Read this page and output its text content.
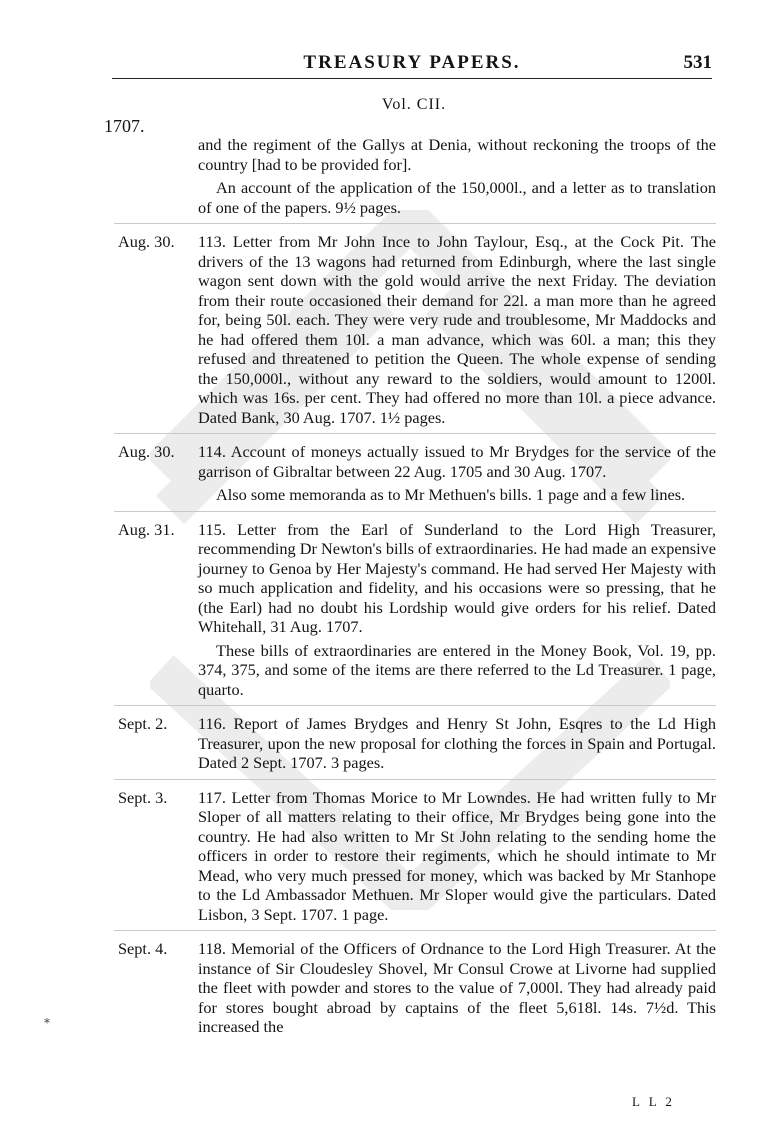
TREASURY PAPERS.	531
Vol. CII.
1707.

and the regiment of the Gallys at Denia, without reckoning the troops of the country [had to be provided for].

An account of the application of the 150,000l., and a letter as to translation of one of the papers. 9½ pages.

Aug. 30.	113. Letter from Mr John Ince to John Taylour, Esq., at the Cock Pit. The drivers of the 13 wagons had returned from Edinburgh, where the last single wagon sent down with the gold would arrive the next Friday. The deviation from their route occasioned their demand for 22l. a man more than he agreed for, being 50l. each. They were very rude and troublesome, Mr Maddocks and he had offered them 10l. a man advance, which was 60l. a man; this they refused and threatened to petition the Queen. The whole expense of sending the 150,000l., without any reward to the soldiers, would amount to 1200l. which was 16s. per cent. They had offered no more than 10l. a piece advance. Dated Bank, 30 Aug. 1707. 1½ pages.

Aug. 30.	114. Account of moneys actually issued to Mr Brydges for the service of the garrison of Gibraltar between 22 Aug. 1705 and 30 Aug. 1707.

Also some memoranda as to Mr Methuen's bills. 1 page and a few lines.

Aug. 31.	115. Letter from the Earl of Sunderland to the Lord High Treasurer, recommending Dr Newton's bills of extraordinaries. He had made an expensive journey to Genoa by Her Majesty's command. He had served Her Majesty with so much application and fidelity, and his occasions were so pressing, that he (the Earl) had no doubt his Lordship would give orders for his relief. Dated Whitehall, 31 Aug. 1707.

These bills of extraordinaries are entered in the Money Book, Vol. 19, pp. 374, 375, and some of the items are there referred to the Ld Treasurer. 1 page, quarto.

Sept. 2.	116. Report of James Brydges and Henry St John, Esqres to the Ld High Treasurer, upon the new proposal for clothing the forces in Spain and Portugal. Dated 2 Sept. 1707. 3 pages.

Sept. 3.	117. Letter from Thomas Morice to Mr Lowndes. He had written fully to Mr Sloper of all matters relating to their office, Mr Brydges being gone into the country. He had also written to Mr St John relating to the sending home the officers in order to restore their regiments, which he should intimate to Mr Mead, who very much pressed for money, which was backed by Mr Stanhope to the Ld Ambassador Methuen. Mr Sloper would give the particulars. Dated Lisbon, 3 Sept. 1707. 1 page.

Sept. 4.	118. Memorial of the Officers of Ordnance to the Lord High Treasurer. At the instance of Sir Cloudesley Shovel, Mr Consul Crowe at Livorne had supplied the fleet with powder and stores to the value of 7,000l. They had already paid for stores bought abroad by captains of the fleet 5,618l. 14s. 7½d. This increased the

⁎
L L 2
